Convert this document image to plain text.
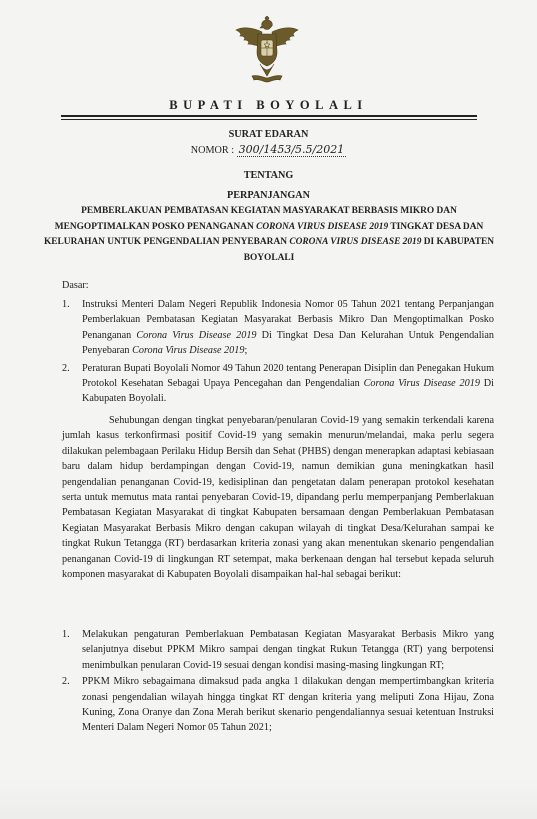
BUPATI BOYOLALI
SURAT EDARAN
NOMOR : 300/1453/5.5/2021
TENTANG
PERPANJANGAN
PEMBERLAKUAN PEMBATASAN KEGIATAN MASYARAKAT BERBASIS MIKRO DAN MENGOPTIMALKAN POSKO PENANGANAN CORONA VIRUS DISEASE 2019 TINGKAT DESA DAN KELURAHAN UNTUK PENGENDALIAN PENYEBARAN CORONA VIRUS DISEASE 2019 DI KABUPATEN BOYOLALI
Dasar:
1. Instruksi Menteri Dalam Negeri Republik Indonesia Nomor 05 Tahun 2021 tentang Perpanjangan Pemberlakuan Pembatasan Kegiatan Masyarakat Berbasis Mikro Dan Mengoptimalkan Posko Penanganan Corona Virus Disease 2019 Di Tingkat Desa Dan Kelurahan Untuk Pengendalian Penyebaran Corona Virus Disease 2019;
2. Peraturan Bupati Boyolali Nomor 49 Tahun 2020 tentang Penerapan Disiplin dan Penegakan Hukum Protokol Kesehatan Sebagai Upaya Pencegahan dan Pengendalian Corona Virus Disease 2019 Di Kabupaten Boyolali.
Sehubungan dengan tingkat penyebaran/penularan Covid-19 yang semakin terkendali karena jumlah kasus terkonfirmasi positif Covid-19 yang semakin menurun/melandai, maka perlu segera dilakukan pelembagaan Perilaku Hidup Bersih dan Sehat (PHBS) dengan menerapkan adaptasi kebiasaan baru dalam hidup berdampingan dengan Covid-19, namun demikian guna meningkatkan hasil pengendalian penanganan Covid-19, kedisiplinan dan pengetatan dalam penerapan protokol kesehatan serta untuk memutus mata rantai penyebaran Covid-19, dipandang perlu memperpanjang Pemberlakuan Pembatasan Kegiatan Masyarakat di tingkat Kabupaten bersamaan dengan Pemberlakuan Pembatasan Kegiatan Masyarakat Berbasis Mikro dengan cakupan wilayah di tingkat Desa/Kelurahan sampai ke tingkat Rukun Tetangga (RT) berdasarkan kriteria zonasi yang akan menentukan skenario pengendalian penanganan Covid-19 di lingkungan RT setempat, maka berkenaan dengan hal tersebut kepada seluruh komponen masyarakat di Kabupaten Boyolali disampaikan hal-hal sebagai berikut:
1. Melakukan pengaturan Pemberlakuan Pembatasan Kegiatan Masyarakat Berbasis Mikro yang selanjutnya disebut PPKM Mikro sampai dengan tingkat Rukun Tetangga (RT) yang berpotensi menimbulkan penularan Covid-19 sesuai dengan kondisi masing-masing lingkungan RT;
2. PPKM Mikro sebagaimana dimaksud pada angka 1 dilakukan dengan mempertimbangkan kriteria zonasi pengendalian wilayah hingga tingkat RT dengan kriteria yang meliputi Zona Hijau, Zona Kuning, Zona Oranye dan Zona Merah berikut skenario pengendaliannya sesuai ketentuan Instruksi Menteri Dalam Negeri Nomor 05 Tahun 2021;
